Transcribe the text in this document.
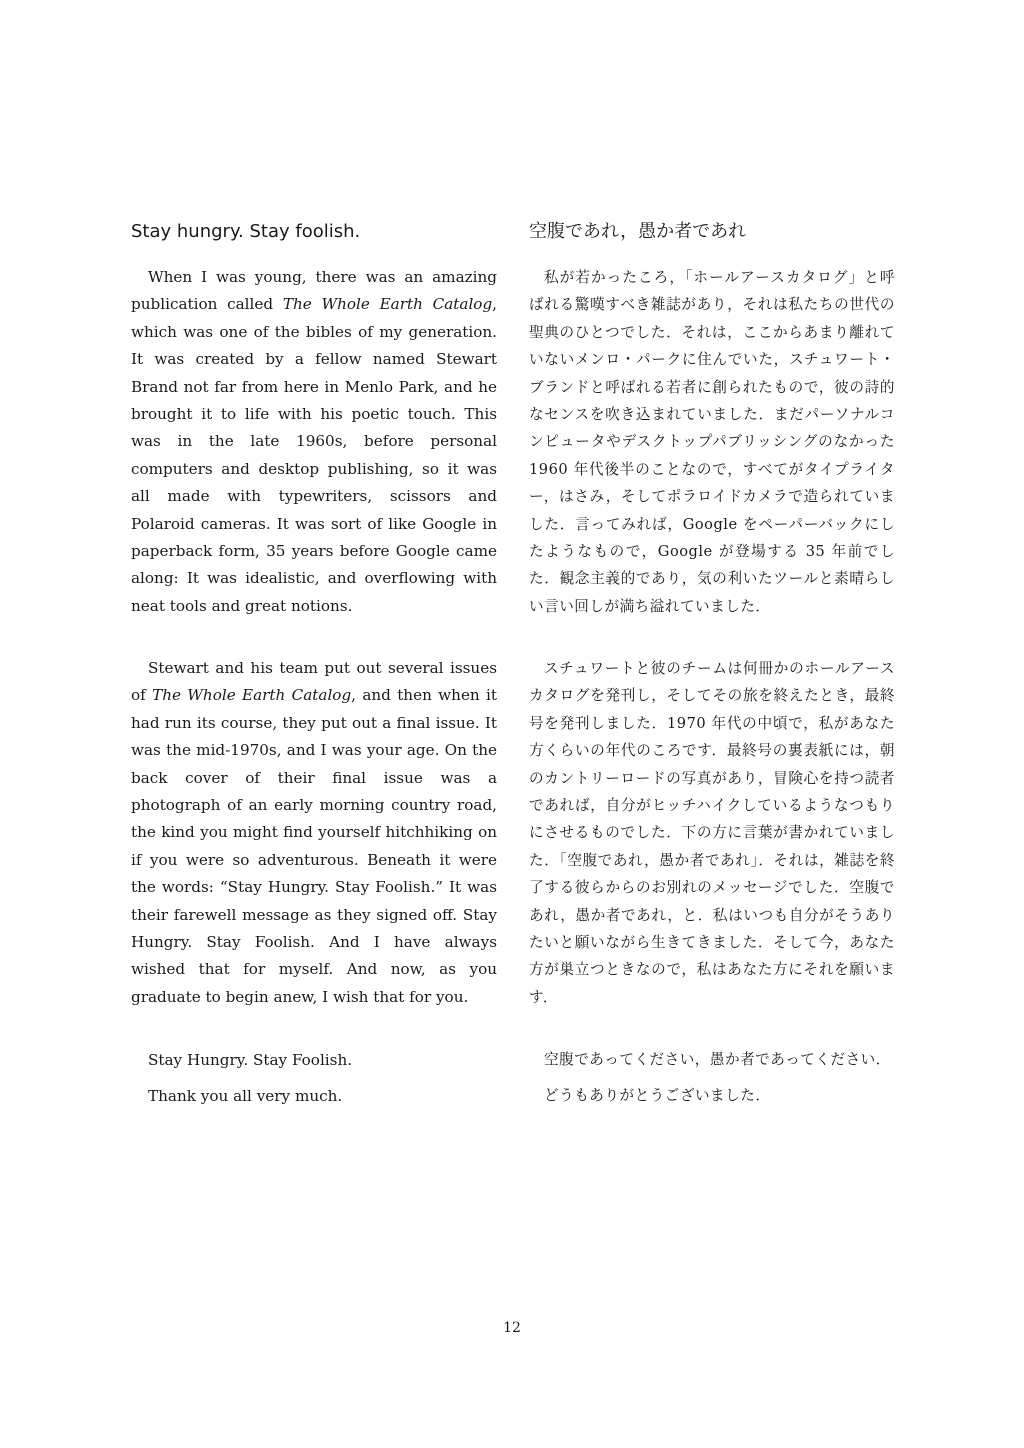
Stay hungry. Stay foolish.

When I was young, there was an amazing publication called The Whole Earth Catalog, which was one of the bibles of my generation. It was created by a fellow named Stewart Brand not far from here in Menlo Park, and he brought it to life with his poetic touch. This was in the late 1960s, before personal computers and desktop publishing, so it was all made with typewriters, scissors and Polaroid cameras. It was sort of like Google in paperback form, 35 years before Google came along: It was idealistic, and overflowing with neat tools and great notions.

Stewart and his team put out several issues of The Whole Earth Catalog, and then when it had run its course, they put out a final issue. It was the mid-1970s, and I was your age. On the back cover of their final issue was a photograph of an early morning country road, the kind you might find yourself hitchhiking on if you were so adventurous. Beneath it were the words: “Stay Hungry. Stay Foolish.” It was their farewell message as they signed off. Stay Hungry. Stay Foolish. And I have always wished that for myself. And now, as you graduate to begin anew, I wish that for you.

Stay Hungry. Stay Foolish.

Thank you all very much.

空腹であれ，愚か者であれ

私が若かったころ，「ホールアースカタログ」と呼ばれる驚嘆すべき雑誌があり，それは私たちの世代の聖典のひとつでした．それは，ここからあまり離れていないメンロ・パークに住んでいた，スチュワート・ブランドと呼ばれる若者に創られたもので，彼の詩的なセンスを吹き込まれていました．まだパーソナルコンピュータやデスクトップパブリッシングのなかった 1960 年代後半のことなので，すべてがタイプライター，はさみ，そしてポラロイドカメラで造られていました．言ってみれば，Google をペーパーバックにしたようなもので，Google が登場する 35 年前でした．観念主義的であり，気の利いたツールと素晴らしい言い回しが満ち溢れていました．

スチュワートと彼のチームは何冊かのホールアースカタログを発刊し，そしてその旅を終えたとき，最終号を発刊しました．1970 年代の中頃で，私があなた方くらいの年代のころです．最終号の裏表紙には，朝のカントリーロードの写真があり，冒険心を持つ読者であれば，自分がヒッチハイクしているようなつもりにさせるものでした．下の方に言葉が書かれていました．「空腹であれ，愚か者であれ」．それは，雑誌を終了する彼らからのお別れのメッセージでした．空腹であれ，愚か者であれ，と．私はいつも自分がそうありたいと願いながら生きてきました．そして今，あなた方が巣立つときなので，私はあなた方にそれを願います．

空腹であってください，愚か者であってください．

どうもありがとうございました．

12
